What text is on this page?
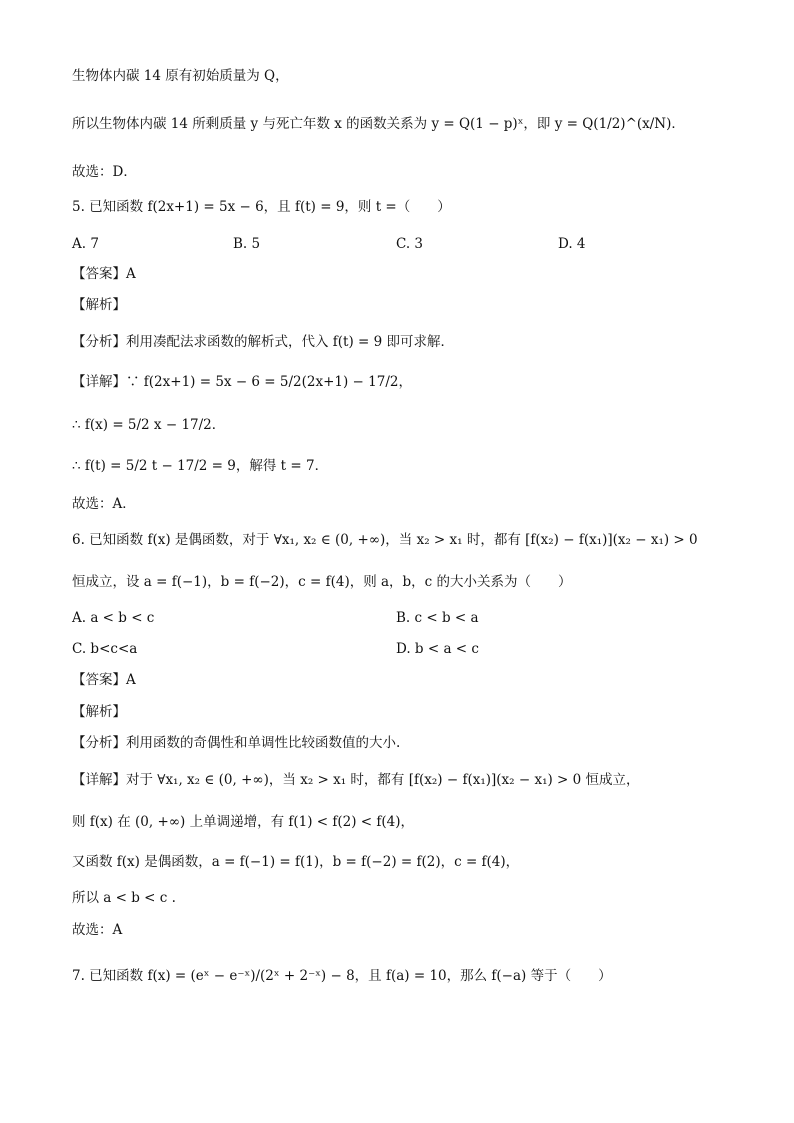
生物体内碳 14 原有初始质量为 Q，
所以生物体内碳 14 所剩质量 y 与死亡年数 x 的函数关系为 y = Q(1 − p)ˣ，即 y = Q(1/2)^(x/N)．
故选：D．
5. 已知函数 f(2x+1) = 5x − 6，且 f(t) = 9，则 t =（　　）
A. 7	B. 5	C. 3	D. 4
【答案】A
【解析】
【分析】利用凑配法求函数的解析式，代入 f(t) = 9 即可求解．
【详解】∵ f(2x+1) = 5x − 6 = 5/2(2x+1) − 17/2，
∴ f(x) = 5/2 x − 17/2．
∴ f(t) = 5/2 t − 17/2 = 9，解得 t = 7．
故选：A．
6. 已知函数 f(x) 是偶函数，对于 ∀x₁, x₂ ∈ (0, +∞)，当 x₂ > x₁ 时，都有 [f(x₂) − f(x₁)](x₂ − x₁) > 0
恒成立，设 a = f(−1)，b = f(−2)，c = f(4)，则 a，b，c 的大小关系为（　　）
A. a < b < c	B. c < b < a
C. b<c<a	D. b < a < c
【答案】A
【解析】
【分析】利用函数的奇偶性和单调性比较函数值的大小.
【详解】对于 ∀x₁, x₂ ∈ (0, +∞)，当 x₂ > x₁ 时，都有 [f(x₂) − f(x₁)](x₂ − x₁) > 0 恒成立，
则 f(x) 在 (0, +∞) 上单调递增，有 f(1) < f(2) < f(4)，
又函数 f(x) 是偶函数，a = f(−1) = f(1)，b = f(−2) = f(2)，c = f(4)，
所以 a < b < c .
故选：A
7. 已知函数 f(x) = (eˣ − e⁻ˣ)/(2ˣ + 2⁻ˣ) − 8，且 f(a) = 10，那么 f(−a) 等于（　　）
